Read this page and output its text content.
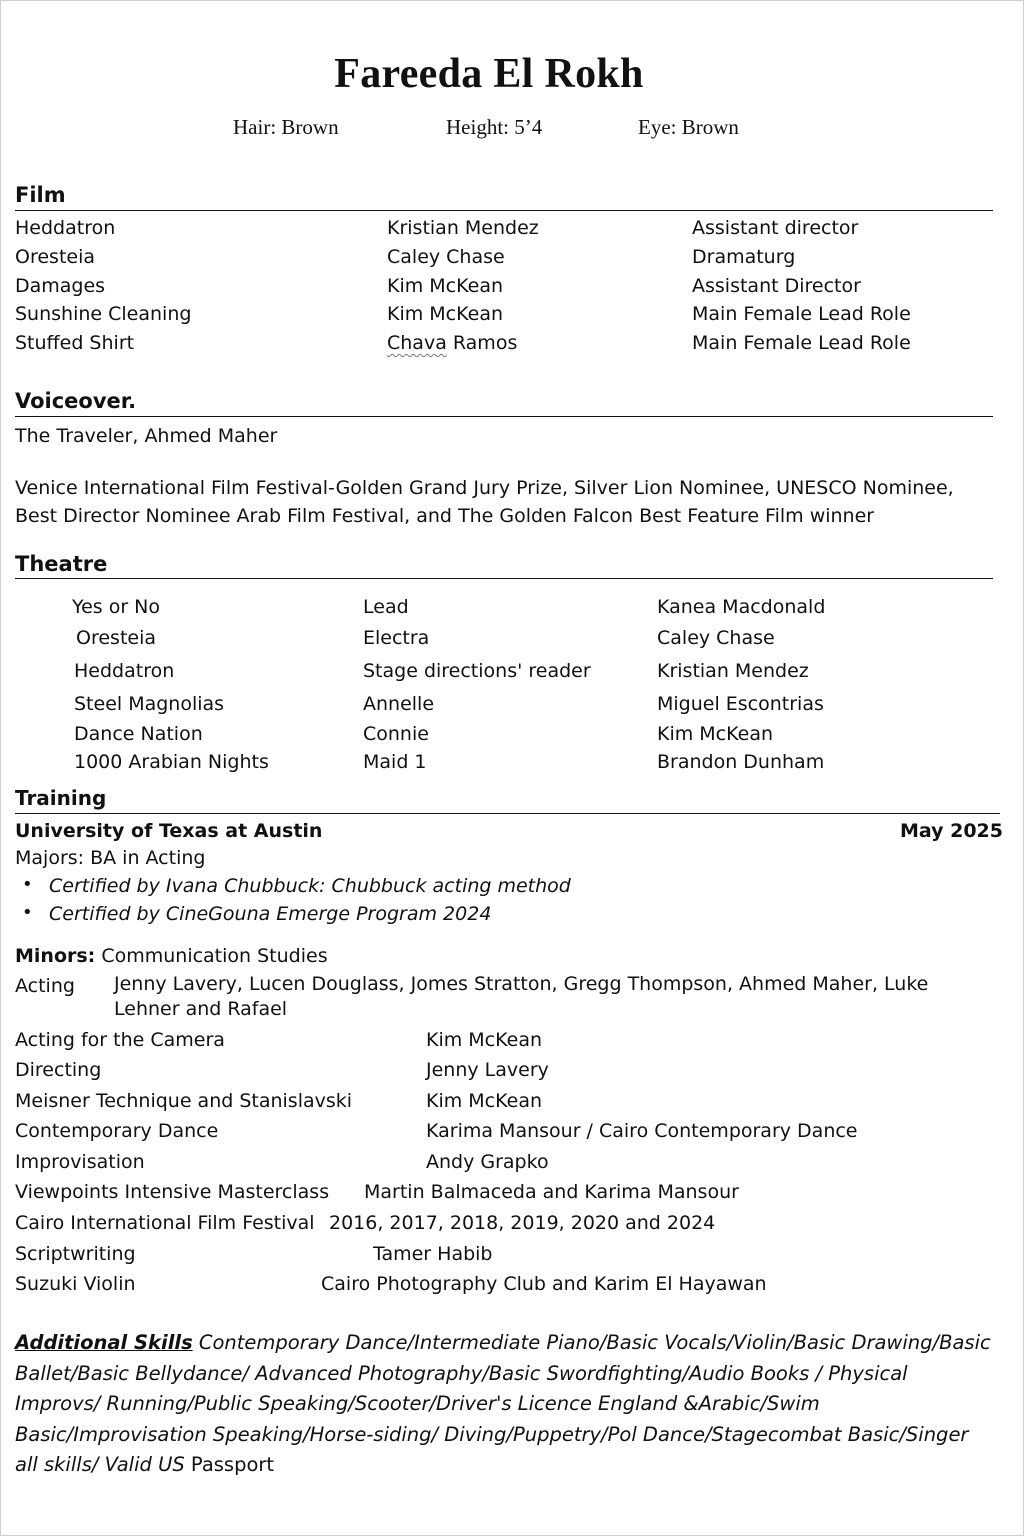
Fareeda El Rokh
Hair: Brown	Height: 5’4	Eye: Brown
Film
Heddatron	Kristian Mendez	Assistant director
Oresteia	Caley Chase	Dramaturg
Damages	Kim McKean	Assistant Director
Sunshine Cleaning	Kim McKean	Main Female Lead Role
Stuffed Shirt	Chava Ramos	Main Female Lead Role
Voiceover.
The Traveler, Ahmed Maher
Venice International Film Festival-Golden Grand Jury Prize, Silver Lion Nominee, UNESCO Nominee, Best Director Nominee Arab Film Festival, and The Golden Falcon Best Feature Film winner
Theatre
Yes or No	Lead	Kanea Macdonald
Oresteia	Electra	Caley Chase
Heddatron	Stage directions' reader	Kristian Mendez
Steel Magnolias	Annelle	Miguel Escontrias
Dance Nation	Connie	Kim McKean
1000 Arabian Nights	Maid 1	Brandon Dunham
Training
University of Texas at Austin	May 2025
Majors: BA in Acting
• Certified by Ivana Chubbuck: Chubbuck acting method
• Certified by CineGouna Emerge Program 2024
Minors: Communication Studies
Acting Jenny Lavery, Lucen Douglass, Jomes Stratton, Gregg Thompson, Ahmed Maher, Luke Lehner and Rafael
Acting for the Camera	Kim McKean
Directing	Jenny Lavery
Meisner Technique and Stanislavski	Kim McKean
Contemporary Dance	Karima Mansour / Cairo Contemporary Dance
Improvisation	Andy Grapko
Viewpoints Intensive Masterclass Martin Balmaceda and Karima Mansour
Cairo International Film Festival 2016, 2017, 2018, 2019, 2020 and 2024
Scriptwriting	Tamer Habib
Suzuki Violin	Cairo Photography Club and Karim El Hayawan
Additional Skills Contemporary Dance/Intermediate Piano/Basic Vocals/Violin/Basic Drawing/Basic Ballet/Basic Bellydance/ Advanced Photography/Basic Swordfighting/Audio Books / Physical Improvs/ Running/Public Speaking/Scooter/Driver's Licence England &Arabic/Swim Basic/Improvisation Speaking/Horse-siding/ Diving/Puppetry/Pol Dance/Stagecombat Basic/Singer all skills/ Valid US Passport
